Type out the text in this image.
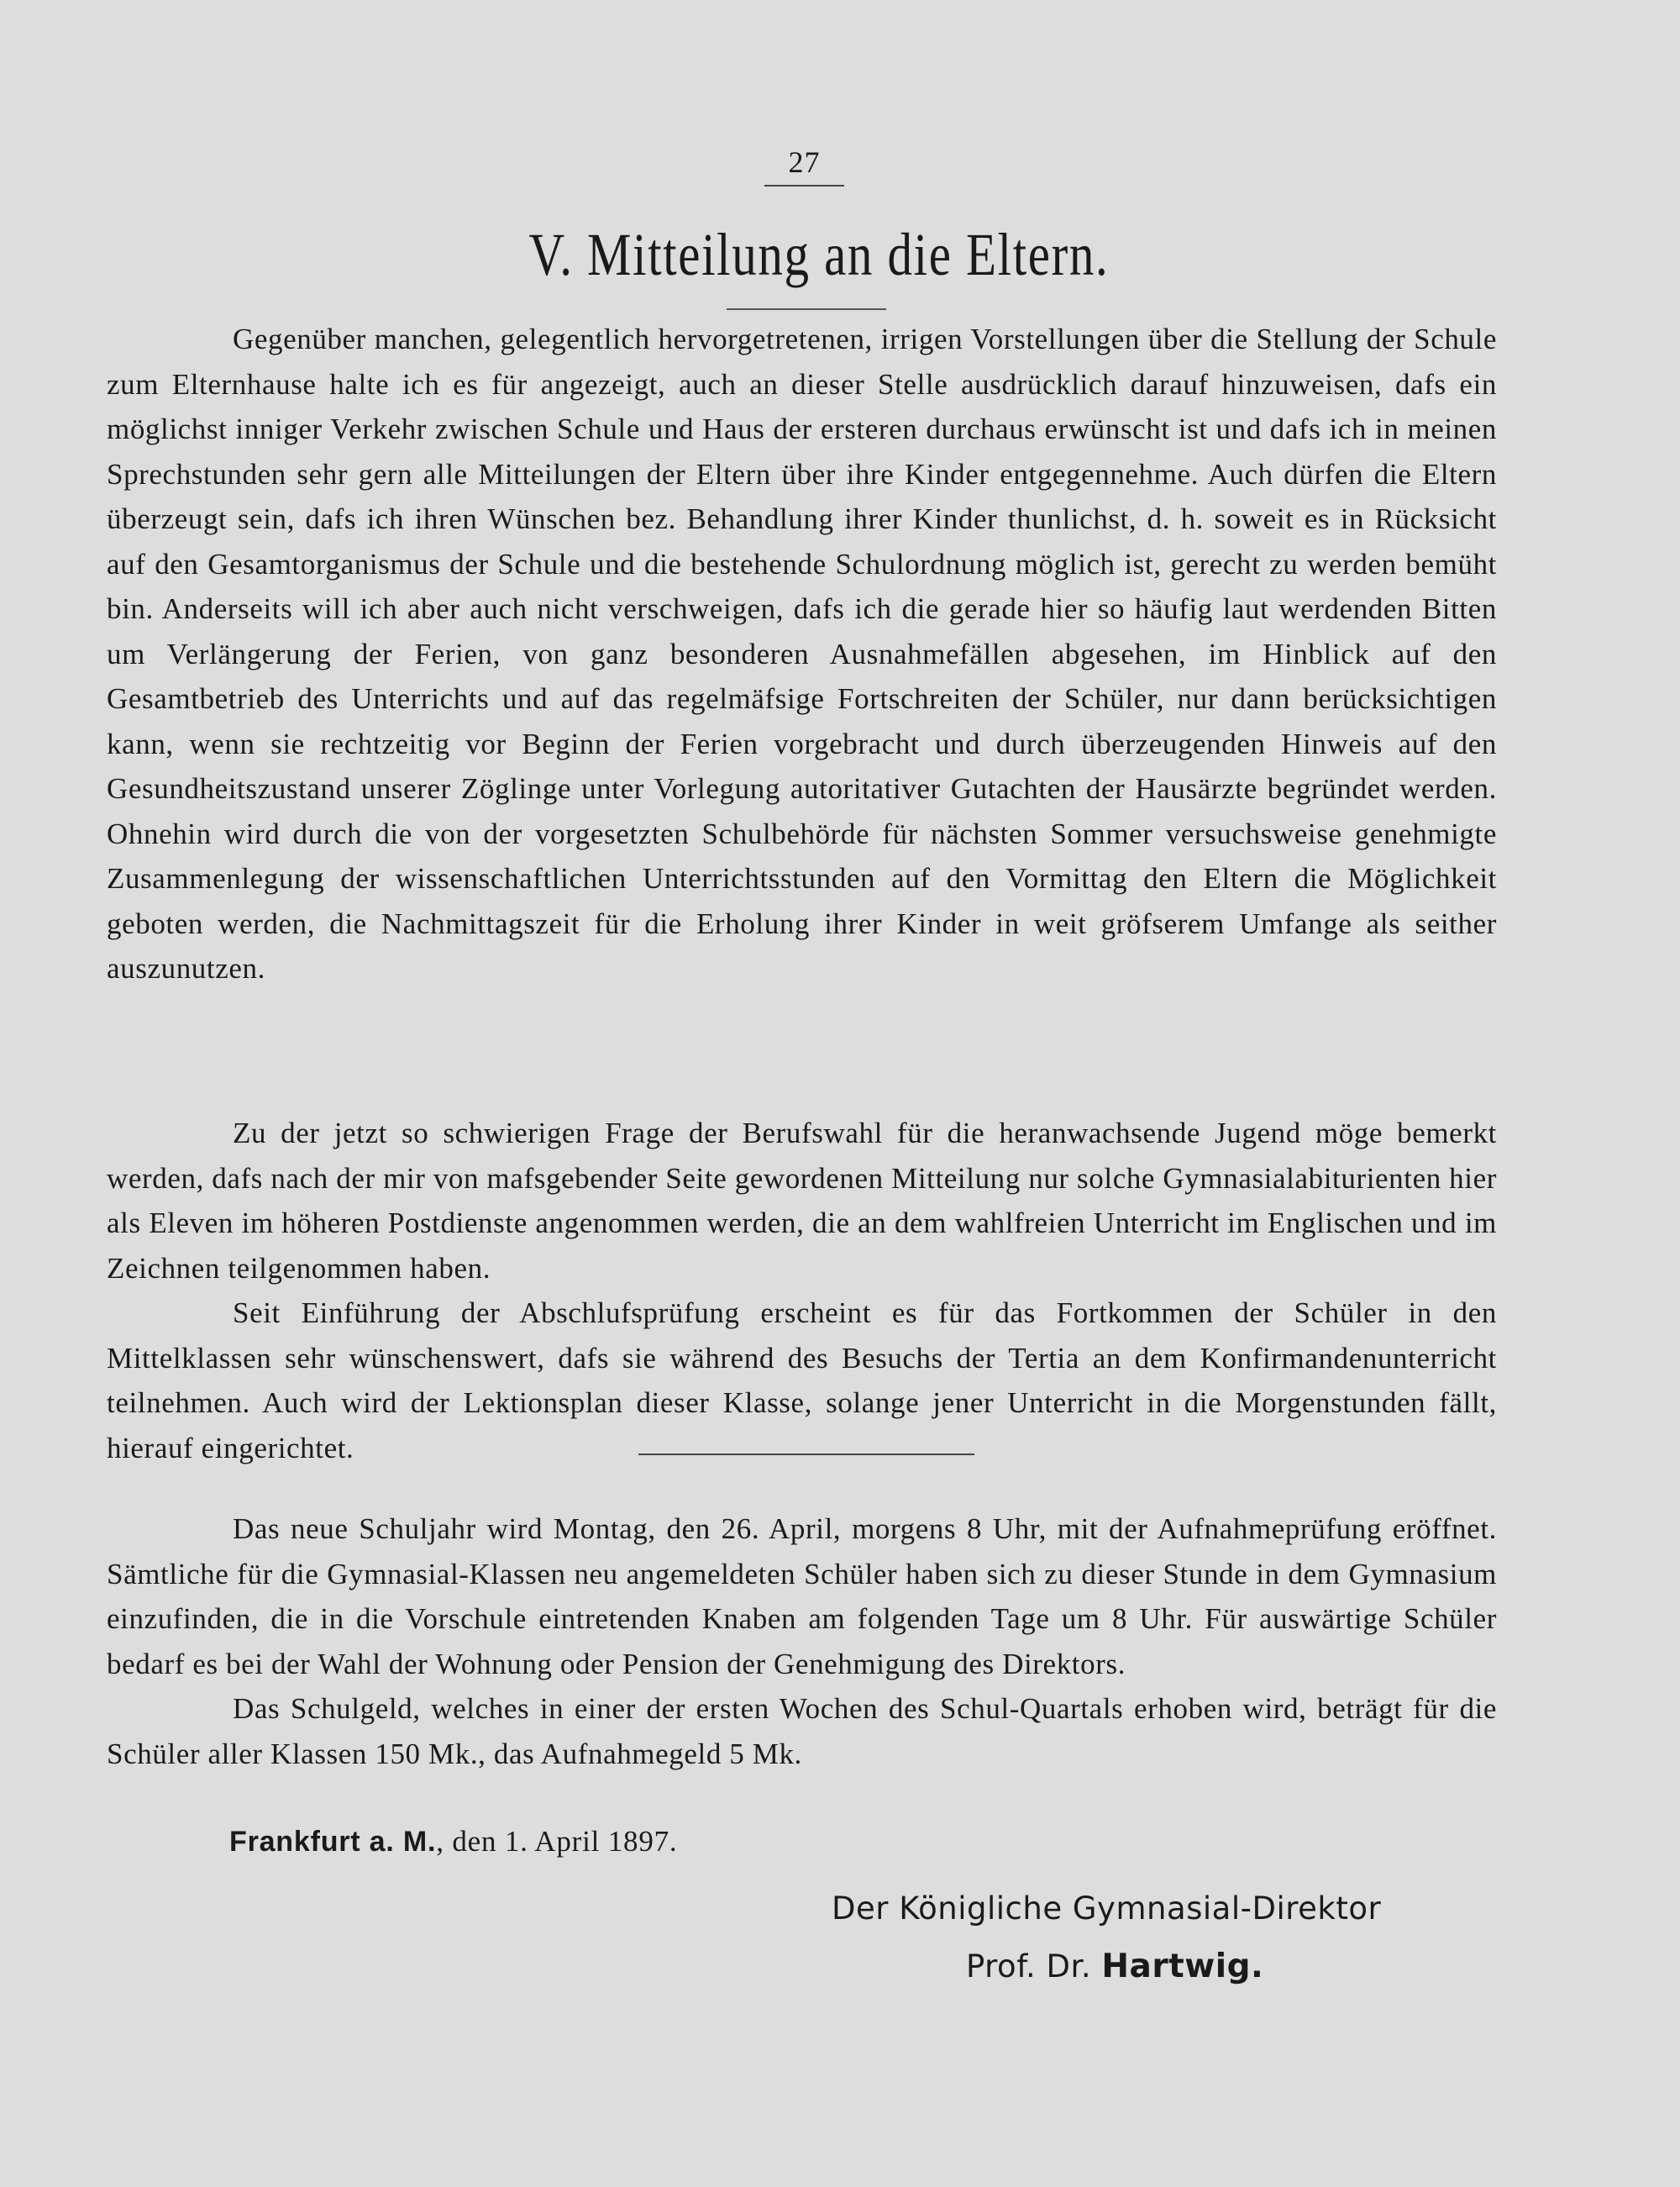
27
V. Mitteilung an die Eltern.

Gegenüber manchen, gelegentlich hervorgetretenen, irrigen Vorstellungen über die Stellung der Schule zum Elternhause halte ich es für angezeigt, auch an dieser Stelle ausdrücklich darauf hinzuweisen, dafs ein möglichst inniger Verkehr zwischen Schule und Haus der ersteren durchaus erwünscht ist und dafs ich in meinen Sprechstunden sehr gern alle Mitteilungen der Eltern über ihre Kinder entgegennehme. Auch dürfen die Eltern überzeugt sein, dafs ich ihren Wünschen bez. Behandlung ihrer Kinder thunlichst, d. h. soweit es in Rücksicht auf den Gesamtorganismus der Schule und die bestehende Schulordnung möglich ist, gerecht zu werden bemüht bin. Anderseits will ich aber auch nicht verschweigen, dafs ich die gerade hier so häufig laut werdenden Bitten um Verlängerung der Ferien, von ganz besonderen Ausnahmefällen abgesehen, im Hinblick auf den Gesamtbetrieb des Unterrichts und auf das regelmäfsige Fortschreiten der Schüler, nur dann berücksichtigen kann, wenn sie rechtzeitig vor Beginn der Ferien vorgebracht und durch überzeugenden Hinweis auf den Gesundheitszustand unserer Zöglinge unter Vorlegung autoritativer Gutachten der Hausärzte begründet werden. Ohnehin wird durch die von der vorgesetzten Schulbehörde für nächsten Sommer versuchsweise genehmigte Zusammenlegung der wissenschaftlichen Unterrichtsstunden auf den Vormittag den Eltern die Möglichkeit geboten werden, die Nachmittagszeit für die Erholung ihrer Kinder in weit gröfserem Umfange als seither auszunutzen.

Zu der jetzt so schwierigen Frage der Berufswahl für die heranwachsende Jugend möge bemerkt werden, dafs nach der mir von mafsgebender Seite gewordenen Mitteilung nur solche Gymnasialabiturienten hier als Eleven im höheren Postdienste angenommen werden, die an dem wahlfreien Unterricht im Englischen und im Zeichnen teilgenommen haben.

Seit Einführung der Abschlufsprüfung erscheint es für das Fortkommen der Schüler in den Mittelklassen sehr wünschenswert, dafs sie während des Besuchs der Tertia an dem Konfirmandenunterricht teilnehmen. Auch wird der Lektionsplan dieser Klasse, solange jener Unterricht in die Morgenstunden fällt, hierauf eingerichtet.

Das neue Schuljahr wird Montag, den 26. April, morgens 8 Uhr, mit der Aufnahmeprüfung eröffnet. Sämtliche für die Gymnasial-Klassen neu angemeldeten Schüler haben sich zu dieser Stunde in dem Gymnasium einzufinden, die in die Vorschule eintretenden Knaben am folgenden Tage um 8 Uhr. Für auswärtige Schüler bedarf es bei der Wahl der Wohnung oder Pension der Genehmigung des Direktors.

Das Schulgeld, welches in einer der ersten Wochen des Schul-Quartals erhoben wird, beträgt für die Schüler aller Klassen 150 Mk., das Aufnahmegeld 5 Mk.

Frankfurt a. M., den 1. April 1897.
Der Königliche Gymnasial-Direktor
Prof. Dr. Hartwig.
